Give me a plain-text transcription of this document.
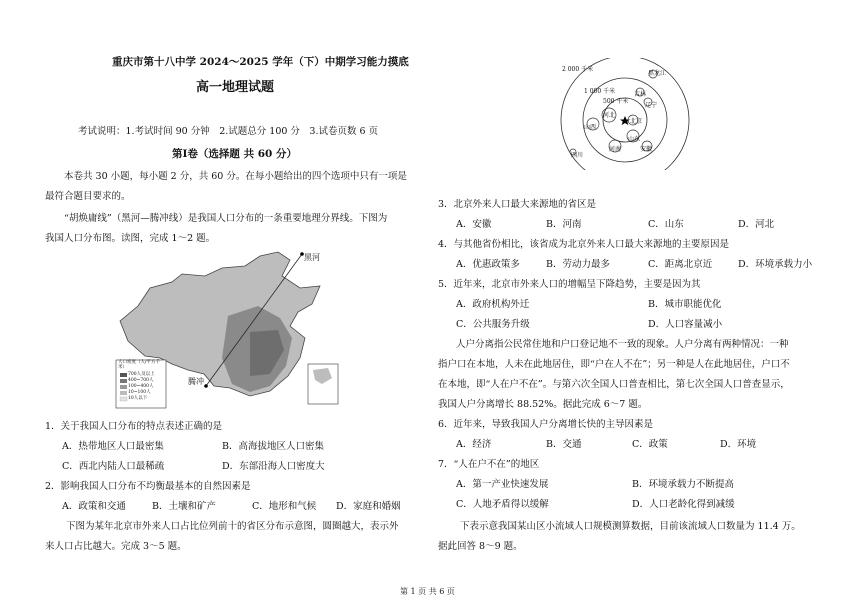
重庆市第十八中学 2024～2025 学年（下）中期学习能力摸底
高一地理试题
考试说明：1.考试时间 90 分钟　2.试题总分 100 分　3.试卷页数 6 页
第Ⅰ卷（选择题 共 60 分）
本卷共 30 小题，每小题 2 分，共 60 分。在每小题给出的四个选项中只有一项是
最符合题目要求的。
“胡焕庸线”（黑河—腾冲线）是我国人口分布的一条重要地理分界线。下图为
我国人口分布图。读图，完成 1～2 题。
黑河
腾冲
人口密度（人/平方千米）
700人及以上
400~700人
100~400人
10~100人
10人以下
1．关于我国人口分布的特点表述正确的是
A．热带地区人口最密集	B．高海拔地区人口密集
C．西北内陆人口最稀疏	D．东部沿海人口密度大
2．影响我国人口分布不均衡最基本的自然因素是
A．政策和交通	B．土壤和矿产	C．地形和气候 D．家庭和婚姻
下图为某年北京市外来人口占比位列前十的省区分布示意图，圆圈越大，表示外
来人口占比越大。完成 3～5 题。
2 000 千米
1 000 千米
500 千米
黑龙江
吉林
辽宁
河北
北京
山西
山东
河南	安徽
四川
3．北京外来人口最大来源地的省区是
A．安徽	B．河南	C．山东	D．河北
4．与其他省份相比，该省成为北京外来人口最大来源地的主要原因是
A．优惠政策多	B．劳动力最多	C．距离北京近	D．环境承载力小
5．近年来，北京市外来人口的增幅呈下降趋势，主要是因为其
A．政府机构外迁	B．城市职能优化
C．公共服务升级	D．人口容量减小
人户分离指公民常住地和户口登记地不一致的现象。人户分离有两种情况：一种
指户口在本地，人未在此地居住，即“户在人不在”；另一种是人在此地居住，户口不
在本地，即“人在户不在”。与第六次全国人口普查相比，第七次全国人口普查显示，
我国人户分离增长 88.52%。据此完成 6～7 题。
6．近年来，导致我国人户分离增长快的主导因素是
A．经济	B．交通	C．政策	D．环境
7．“人在户不在”的地区
A．第一产业快速发展	B．环境承载力不断提高
C．人地矛盾得以缓解	D．人口老龄化得到减缓
下表示意我国某山区小流域人口规模测算数据，目前该流域人口数量为 11.4 万。
据此回答 8～9 题。
第 1 页 共 6 页
